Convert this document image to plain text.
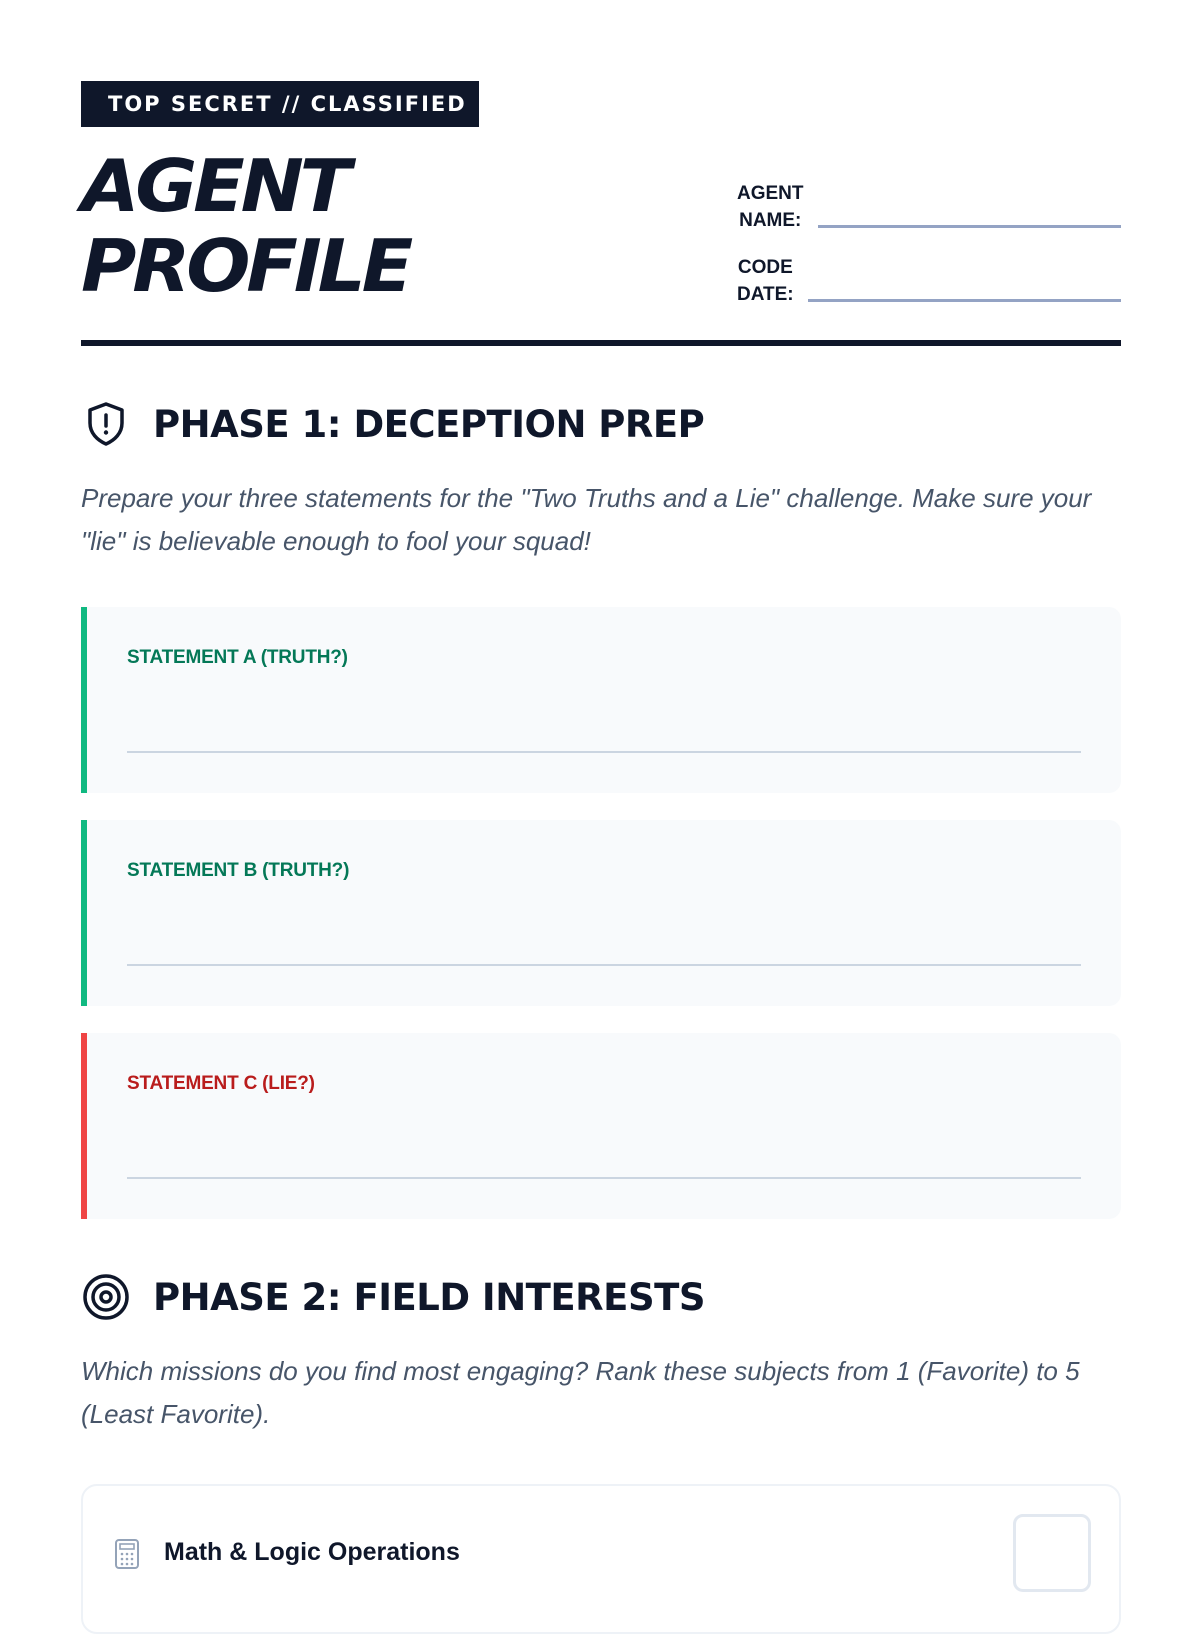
TOP SECRET // CLASSIFIED
AGENT
PROFILE
AGENT
NAME:
CODE
DATE:
PHASE 1: DECEPTION PREP

Prepare your three statements for the "Two Truths and a Lie" challenge. Make sure your "lie" is believable enough to fool your squad!

STATEMENT A (TRUTH?)
STATEMENT B (TRUTH?)
STATEMENT C (LIE?)
PHASE 2: FIELD INTERESTS

Which missions do you find most engaging? Rank these subjects from 1 (Favorite) to 5 (Least Favorite).

Math & Logic Operations
